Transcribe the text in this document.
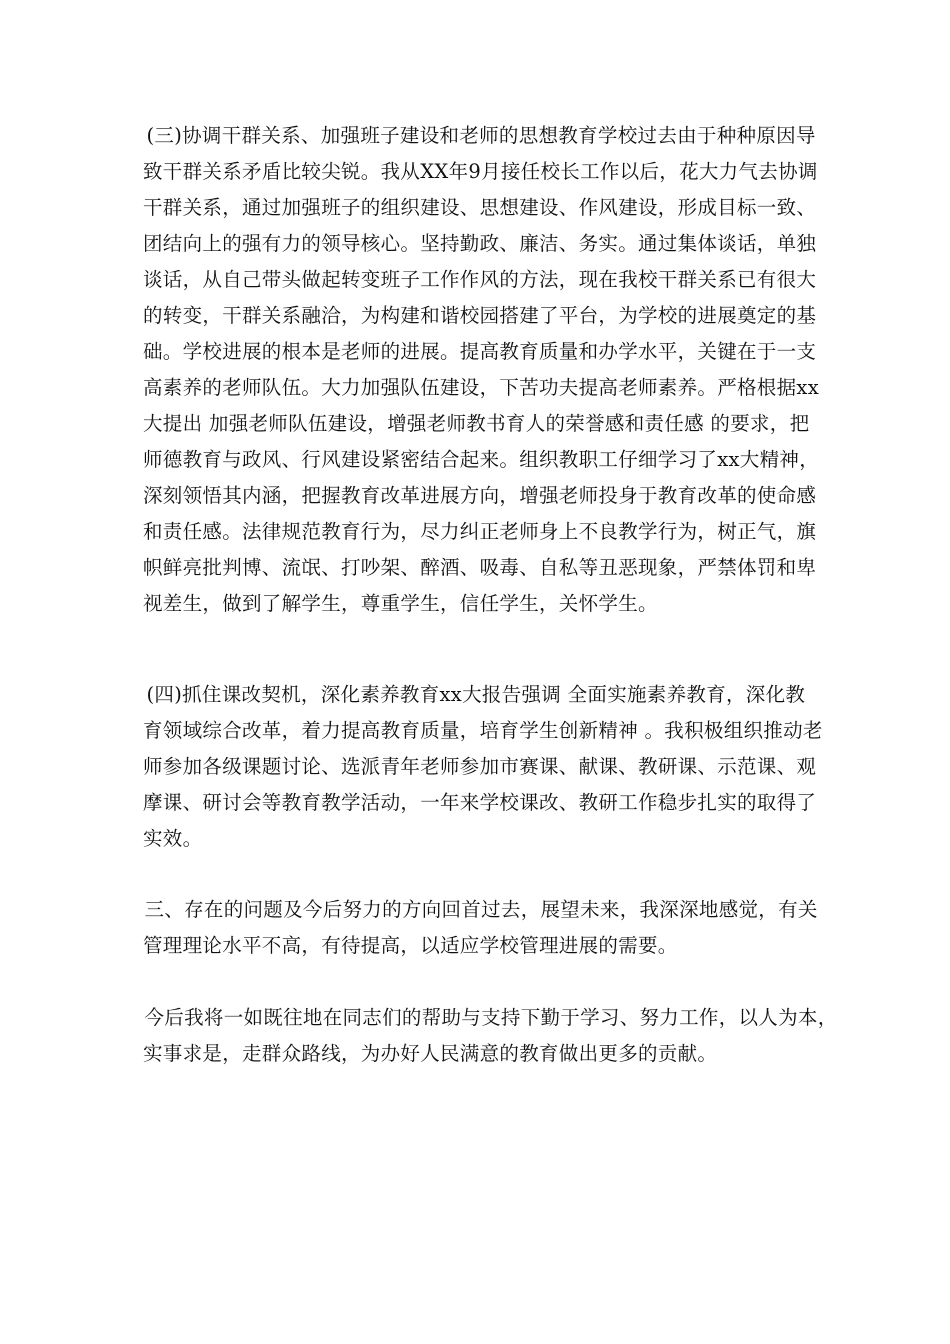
(三)协调干群关系、加强班子建设和老师的思想教育学校过去由于种种原因导
致干群关系矛盾比较尖锐。我从XX年9月接任校长工作以后，花大力气去协调
干群关系，通过加强班子的组织建设、思想建设、作风建设，形成目标一致、
团结向上的强有力的领导核心。坚持勤政、廉洁、务实。通过集体谈话，单独
谈话，从自己带头做起转变班子工作作风的方法，现在我校干群关系已有很大
的转变，干群关系融洽，为构建和谐校园搭建了平台，为学校的进展奠定的基
础。学校进展的根本是老师的进展。提高教育质量和办学水平，关键在于一支
高素养的老师队伍。大力加强队伍建设，下苦功夫提高老师素养。严格根据xx
大提出 加强老师队伍建设，增强老师教书育人的荣誉感和责任感 的要求，把
师德教育与政风、行风建设紧密结合起来。组织教职工仔细学习了xx大精神，
深刻领悟其内涵，把握教育改革进展方向，增强老师投身于教育改革的使命感
和责任感。法律规范教育行为，尽力纠正老师身上不良教学行为，树正气，旗
帜鲜亮批判博、流氓、打吵架、醉酒、吸毒、自私等丑恶现象，严禁体罚和卑
视差生，做到了解学生，尊重学生，信任学生，关怀学生。
(四)抓住课改契机，深化素养教育xx大报告强调 全面实施素养教育，深化教
育领域综合改革，着力提高教育质量，培育学生创新精神 。我积极组织推动老
师参加各级课题讨论、选派青年老师参加市赛课、献课、教研课、示范课、观
摩课、研讨会等教育教学活动，一年来学校课改、教研工作稳步扎实的取得了
实效。
三、存在的问题及今后努力的方向回首过去，展望未来，我深深地感觉，有关
管理理论水平不高，有待提高，以适应学校管理进展的需要。
今后我将一如既往地在同志们的帮助与支持下勤于学习、努力工作，以人为本，
实事求是，走群众路线，为办好人民满意的教育做出更多的贡献。
